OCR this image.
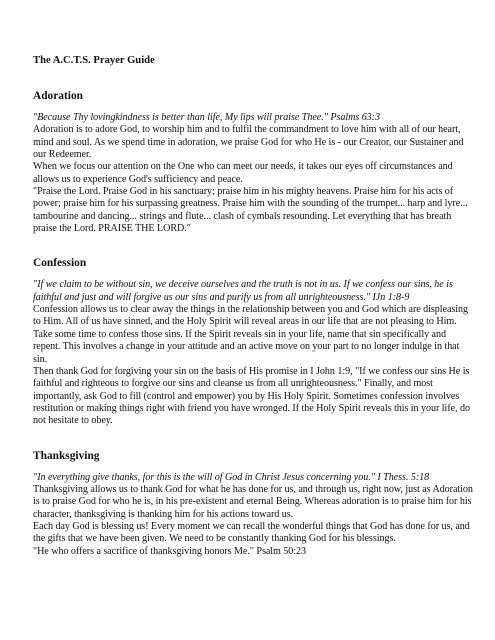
The A.C.T.S. Prayer Guide
Adoration

"Because Thy lovingkindness is better than life, My lips will praise Thee." Psalms 63:3

Adoration is to adore God, to worship him and to fulfil the commandment to love him with all of our heart, mind and soul. As we spend time in adoration, we praise God for who He is - our Creator, our Sustainer and our Redeemer.

When we focus our attention on the One who can meet our needs, it takes our eyes off circumstances and allows us to experience God's sufficiency and peace.

"Praise the Lord. Praise God in his sanctuary; praise him in his mighty heavens. Praise him for his acts of power; praise him for his surpassing greatness. Praise him with the sounding of the trumpet... harp and lyre... tambourine and dancing... strings and flute... clash of cymbals resounding. Let everything that has breath praise the Lord. PRAISE THE LORD."

Confession

"If we claim to be without sin, we deceive ourselves and the truth is not in us. If we confess our sins, he is faithful and just and will forgive us our sins and purify us from all unrighteousness." IJn 1:8-9

Confession allows us to clear away the things in the relationship between you and God which are displeasing to Him. All of us have sinned, and the Holy Spirit will reveal areas in our life that are not pleasing to Him. Take some time to confess those sins. If the Spirit reveals sin in your life, name that sin specifically and repent. This involves a change in your attitude and an active move on your part to no longer indulge in that sin.

Then thank God for forgiving your sin on the basis of His promise in I John 1:9, "If we confess our sins He is faithful and righteous to forgive our sins and cleanse us from all unrighteousness." Finally, and most importantly, ask God to fill (control and empower) you by His Holy Spirit. Sometimes confession involves restitution or making things right with friend you have wronged. If the Holy Spirit reveals this in your life, do not hesitate to obey.

Thanksgiving

"In everything give thanks, for this is the will of God in Christ Jesus concerning you." I Thess. 5:18

Thanksgiving allows us to thank God for what he has done for us, and through us, right now, just as Adoration is to praise God for who he is, in his pre-existent and eternal Being. Whereas adoration is to praise him for his character, thanksgiving is thanking him for his actions toward us.

Each day God is blessing us! Every moment we can recall the wonderful things that God has done for us, and the gifts that we have been given. We need to be constantly thanking God for his blessings.

"He who offers a sacrifice of thanksgiving honors Me." Psalm 50:23
